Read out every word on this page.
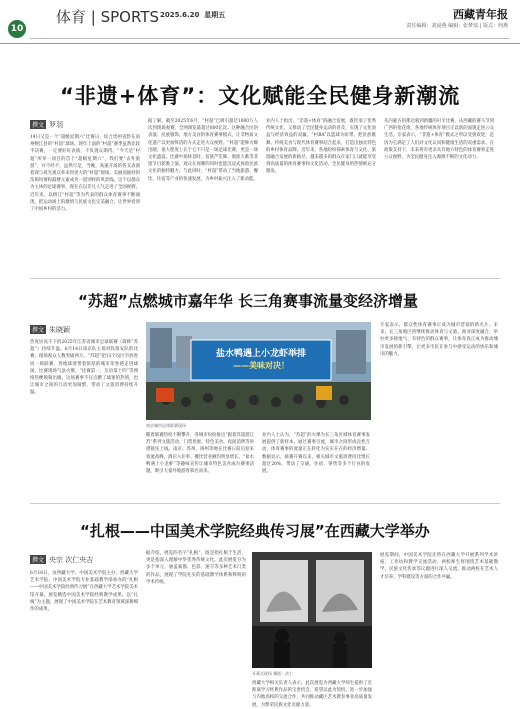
10
体育 | SPORTS 2025.6.20 星期五	西藏青年报
责任编辑：刘晨燕 编辑：张梦瑶 | 版式：何燕
“非遗+体育”：文化赋能全民健身新潮流
撰文 罗羽
14日又是一个“超级星期六”比赛日，综合贵州省黔东南州榕江县的“村超”球场。现年上面的“村超”赛季虽然比较半决赛，一定要好好表演，不负观众期待。“今天是“村超”所举一项目的首个“超级星期六”，我们要“去外旅游”，并不经不。虽然尽是，当晚，高速开场的各支表演着商与观光观众率来到更大的“村超”现场。美丽而独特的苗侗风情和鼓楼元素成为一道别样的风景线。这个以群众为主体的足球赛事，现在在以非凡人气走进了全国视野。近年来，以榕江“村超”等为代表的群众体育赛事不断涌现，把运动场上的激情与民族文化完美融合，让世界看到了中国乡村的活力。
据了解，截至2025年6月，“村超”已吸引超过1000万人次到现场观赛，全网浏览量超过800亿次。这种融合民俗表演、民族服饰、地方美食的体育赛事模式，让非物质文化遗产以更加鲜活的方式走进大众视野。“村超”能够火爆出圈，很大程度上在于它不只是一场足球比赛，更是一场文化盛宴。比赛中场休息时，苗族芦笙舞、侗族大歌等非遗节目轮番上演，观众在观赛的同时也能沉浸式体验民族文化的独特魅力。与此同时，“村超”带动了当地旅游、餐饮、住宿等产业的快速发展，为乡村振兴注入了新动能。
业内人士指出，“非遗+体育”的融合发展，既传承了优秀传统文化，又推动了全民健身运动的普及，实现了文化效益与经济效益的双赢。“村BA”以篮球为纽带，把民族歌舞、传统美食与现代体育赛事结合起来，打造出独具特色的乡村体育品牌。近年来，各地纷纷探索体育与文化、旅游融合发展的新路径，越来越多的群众在家门口就能享受到高质量的体育赛事和文化活动，全民健身的热情被充分激发。
从内蒙古的那达慕到新疆的叼羊比赛，从西藏的赛马节到广西的抢花炮，各地传统体育项目正以新的面貌走进公众生活。专家表示，“非遗+体育”模式之所以受到欢迎，是因为它满足了人们对文化认同和健康生活的双重需求。在政策支持下，未来将有更多具有地方特色的体育赛事走进公众视野，为全民健身注入源源不断的文化动力。
“苏超”点燃城市嘉年华 长三角赛事流量变经济增量
撰文 朱晓颖
热度居高不下的2025年江苏省城市足球联赛（简称“苏超”）持续升温。6月14日南京队主场对阵淮安队的比赛，现场观众人数突破两万。“苏超”把13个设区市放进同一场联赛，各地球迷带着浓厚的城市荣誉感走进球场，比赛现场气氛火爆，“比赛第一，友谊第十四”等网络热梗频频出圈。这场赛事不仅点燃了球迷的热情，也让城市之间的互动更加频繁，带动了文旅消费持续升温。
盐水鸭遇上小龙虾举排
——美味对决！
南京城市足球联赛现场
随着联赛热度不断攀升，各城市纷纷推出“跟着苏超游江苏”系列文旅活动，门票优惠、特色美食、夜间消费等举措接连上线。南京、苏州、扬州等地在比赛日前后迎来客流高峰，酒店入住率、餐饮营业额均明显增长。“盐水鸭遇上小龙虾”等趣味宣传让城市特色美食成为赛事话题，吸引大量外地游客慕名而来。
业内人士认为，“苏超”的火爆为长三角区域体育赛事发展提供了新样本。通过赛事引流，城市之间形成良性互动，体育赛事的流量正在转化为实实在在的经济增量。数据显示，联赛开赛以来，相关城市文旅消费同比增长超过20%，带动了交通、住宿、零售等多个行业的发展。
专家表示，群众性体育赛事正成为城市营销的新名片。未来，长三角地区将继续推动体育与文旅、商业深度融合，举办更多接地气、有特色的群众赛事，让体育真正成为推动城市发展的新引擎，让更多市民在参与中感受运动的快乐和城市的魅力。
“扎根——中国美术学院经典传习展”在西藏大学举办
撰文 央宗 次仁央吉
6月16日，由西藏大学、中国美术学院主办，西藏大学艺术学院、中国美术学院专业基础教学部承办的“扎根——中国美术学院经典传习展”在西藏大学艺术学院美术馆开幕。展览精选中国美术学院经典教学成果，以“扎根”为主题，展现了中国美术学院在艺术教育领域深耕细作的成果。
据介绍，展览的名字“扎根”，既是指扎根于生活，更是指深入理解中华优秀传统文化。此次展览分为多个单元，涵盖素描、色彩、速写等多种艺术门类的作品，展现了学院扎实的基础教学体系和鲜明的学术传统。
开幕式现场 摄影：次仁
展览期间，中国美术学院还将在西藏大学开展系列学术讲座、工作坊和教学交流活动。两校师生将围绕艺术基础教学、民族文化传承等议题进行深入交流，推动两校在艺术人才培养、学科建设等方面的合作共赢。
西藏大学相关负责人表示，此次展览为西藏大学师生提供了近距离学习经典作品的宝贵机会，希望以此为契机，进一步加强与内地高校的交流合作，共同推动藏区艺术教育事业高质量发展，为繁荣民族文化贡献力量。
